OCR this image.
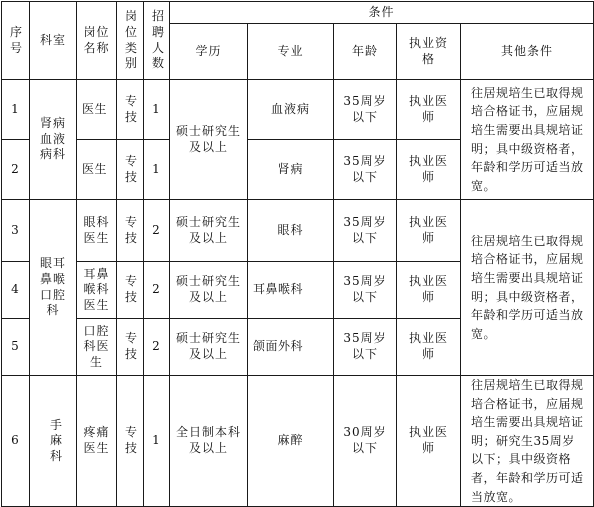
序号	科室	岗位名称	岗位类别	招聘人数	条件				
					学历	专业	年龄	执业资格	其他条件
1	肾病血液病科	医生	专技	1	硕士研究生及以上	血液病	35周岁以下	执业医师	往居规培生已取得规培合格证书，应届规培生需要出具规培证明；具中级资格者，年龄和学历可适当放宽。
2		医生	专技	1		肾病	35周岁以下	执业医师	
3	眼耳鼻喉口腔科	眼科医生	专技	2	硕士研究生及以上	眼科	35周岁以下	执业医师	往居规培生已取得规培合格证书，应届规培生需要出具规培证明；具中级资格者，年龄和学历可适当放宽。
4		耳鼻喉科医生	专技	2	硕士研究生及以上	耳鼻喉科	35周岁以下	执业医师	
5		口腔科医生	专技	2	硕士研究生及以上	颌面外科	35周岁以下	执业医师	
6	手麻科	疼痛医生	专技	1	全日制本科及以上	麻醉	30周岁以下	执业医师	往居规培生已取得规培合格证书，应届规培生需要出具规培证明；研究生35周岁以下；具中级资格者，年龄和学历可适当放宽。
